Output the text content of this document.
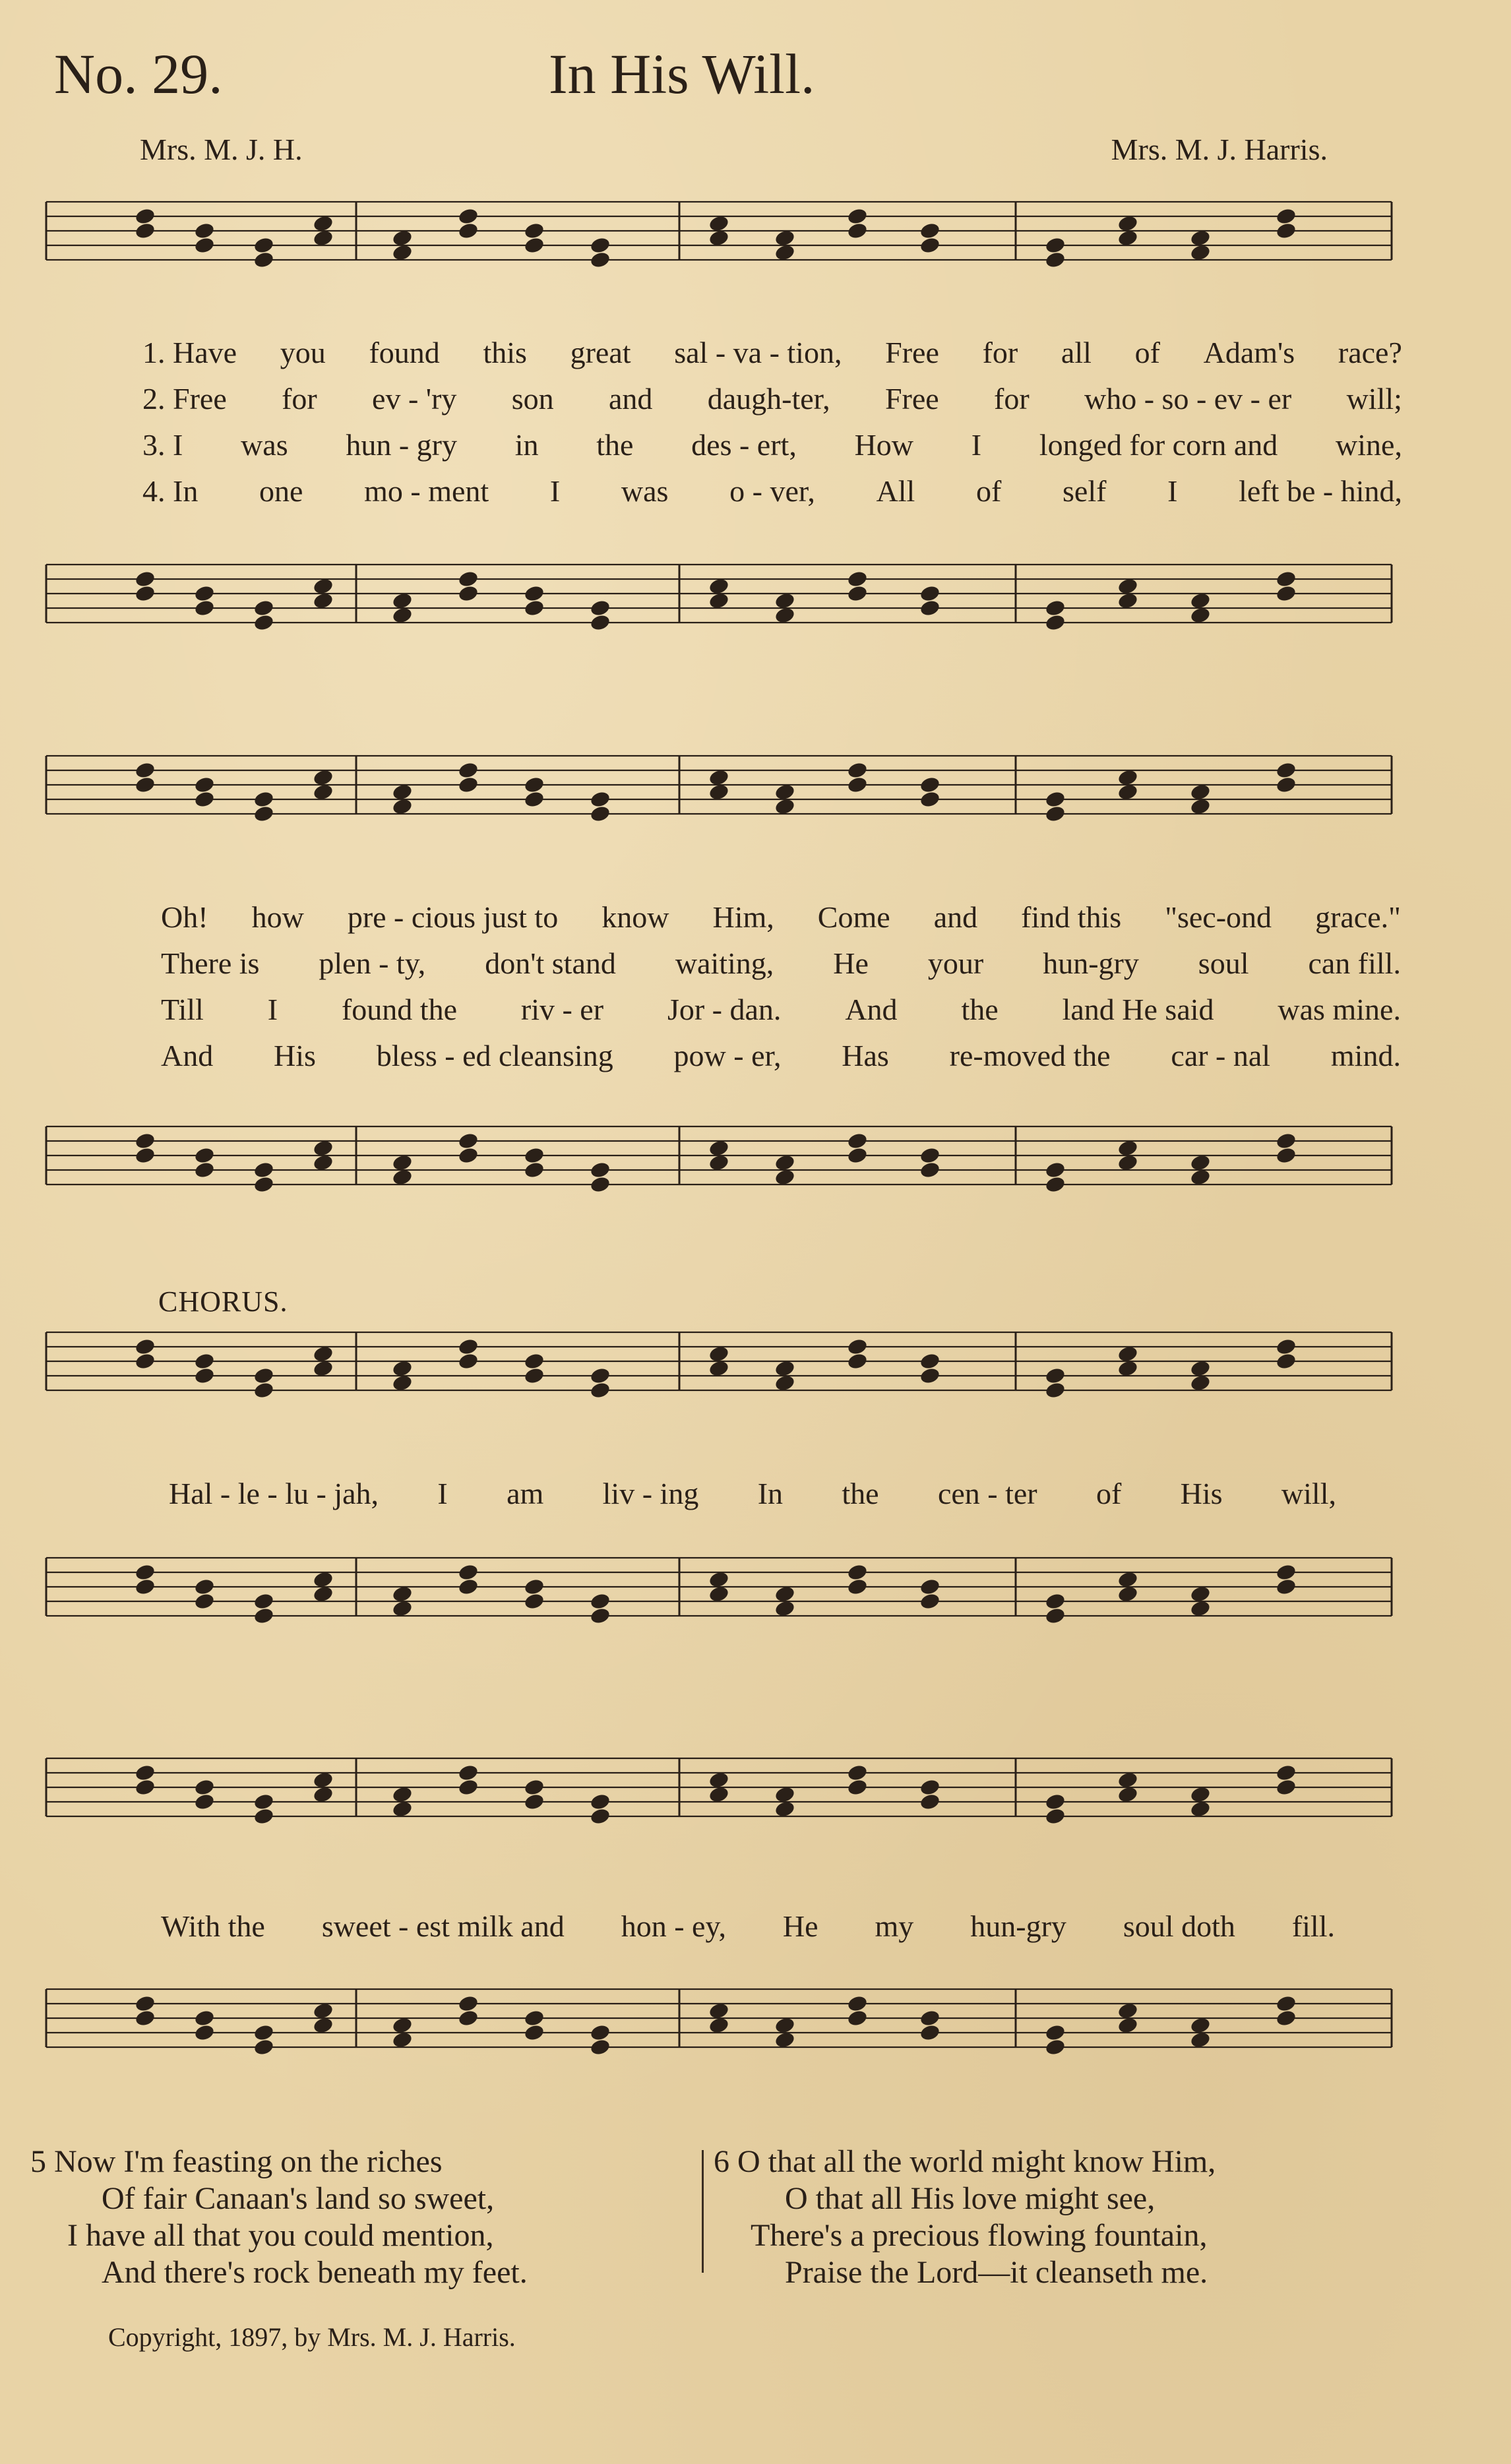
No. 29.	In His Will.
Mrs. M. J. H.	Mrs. M. J. Harris.
1. Have you found this great sal - va - tion, Free for all of Adam's race?
2. Free for ev - 'ry son and daugh-ter, Free for who - so - ev - er will;
3. I was hun - gry in the des - ert, How I longed for corn and wine,
4. In one mo - ment I was o - ver, All of self I left be - hind,
Oh! how pre - cious just to know Him, Come and find this "sec-ond grace."
There is plen - ty, don't stand waiting, He your hun-gry soul can fill.
Till I found the riv - er Jor - dan. And the land He said was mine.
And His bless - ed cleansing pow - er, Has re-moved the car - nal mind.
CHORUS.
Hal - le - lu - jah, I am liv - ing In the cen - ter of His will,
With the sweet - est milk and hon - ey, He my hun-gry soul doth fill.
5 Now I'm feasting on the riches
Of fair Canaan's land so sweet,
I have all that you could mention,
And there's rock beneath my feet.
6 O that all the world might know Him,
O that all His love might see,
There's a precious flowing fountain,
Praise the Lord—it cleanseth me.
Copyright, 1897, by Mrs. M. J. Harris.
